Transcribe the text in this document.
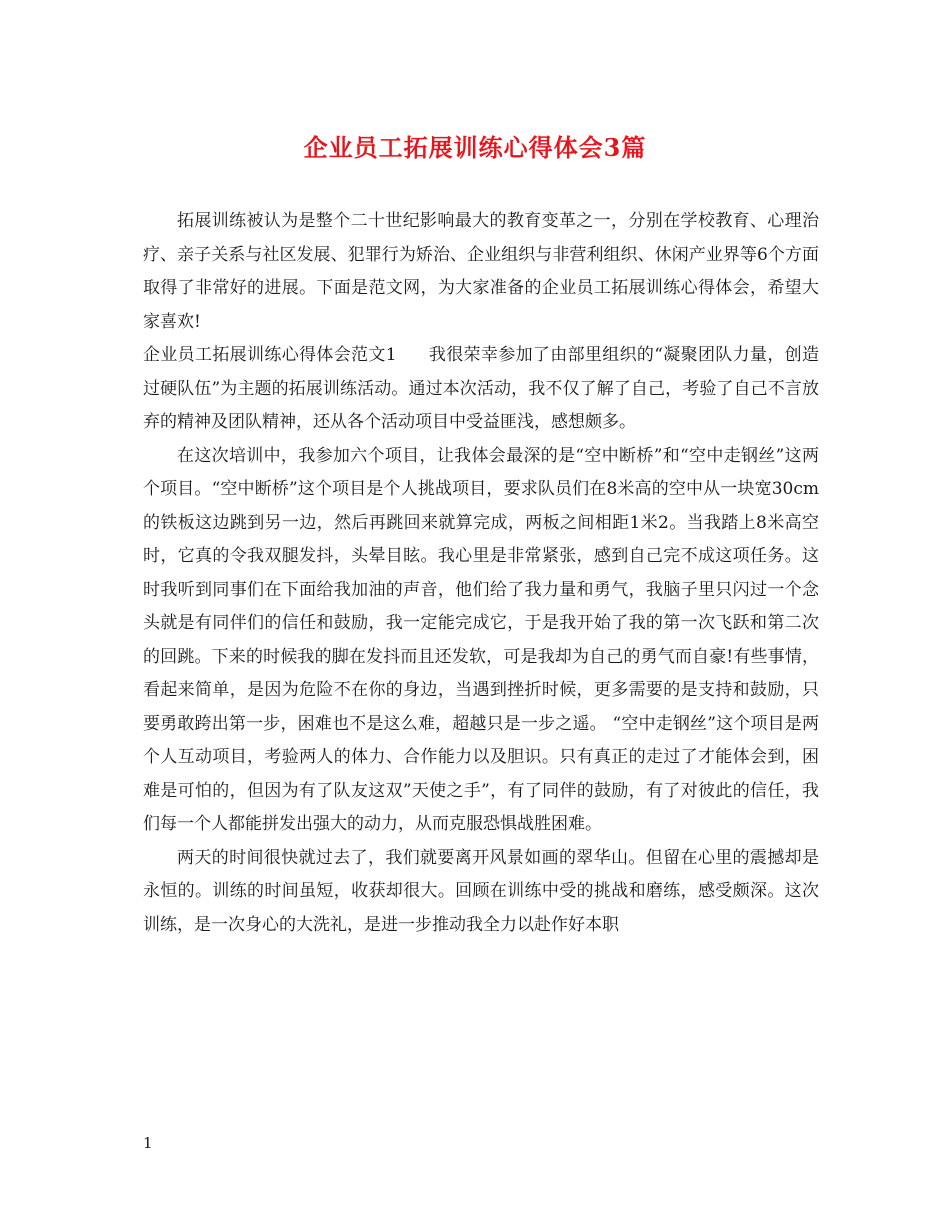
企业员工拓展训练心得体会3篇

拓展训练被认为是整个二十世纪影响最大的教育变革之一，分别在学校教育、心理治疗、亲子关系与社区发展、犯罪行为矫治、企业组织与非营利组织、休闲产业界等6个方面取得了非常好的进展。下面是范文网，为大家准备的企业员工拓展训练心得体会，希望大家喜欢!

企业员工拓展训练心得体会范文1 我很荣幸参加了由部里组织的“凝聚团队力量，创造过硬队伍”为主题的拓展训练活动。通过本次活动，我不仅了解了自己，考验了自己不言放弃的精神及团队精神，还从各个活动项目中受益匪浅，感想颇多。

在这次培训中，我参加六个项目，让我体会最深的是“空中断桥”和“空中走钢丝”这两个项目。“空中断桥”这个项目是个人挑战项目，要求队员们在8米高的空中从一块宽30cm的铁板这边跳到另一边，然后再跳回来就算完成，两板之间相距1米2。当我踏上8米高空时，它真的令我双腿发抖，头晕目眩。我心里是非常紧张，感到自己完不成这项任务。这时我听到同事们在下面给我加油的声音，他们给了我力量和勇气，我脑子里只闪过一个念头就是有同伴们的信任和鼓励，我一定能完成它，于是我开始了我的第一次飞跃和第二次的回跳。下来的时候我的脚在发抖而且还发软，可是我却为自己的勇气而自豪!有些事情，看起来简单，是因为危险不在你的身边，当遇到挫折时候，更多需要的是支持和鼓励，只要勇敢跨出第一步，困难也不是这么难，超越只是一步之遥。 “空中走钢丝”这个项目是两个人互动项目，考验两人的体力、合作能力以及胆识。只有真正的走过了才能体会到，困难是可怕的，但因为有了队友这双”天使之手”，有了同伴的鼓励，有了对彼此的信任，我们每一个人都能拼发出强大的动力，从而克服恐惧战胜困难。

两天的时间很快就过去了，我们就要离开风景如画的翠华山。但留在心里的震撼却是永恒的。训练的时间虽短，收获却很大。回顾在训练中受的挑战和磨练，感受颇深。这次训练，是一次身心的大洗礼，是进一步推动我全力以赴作好本职

1
